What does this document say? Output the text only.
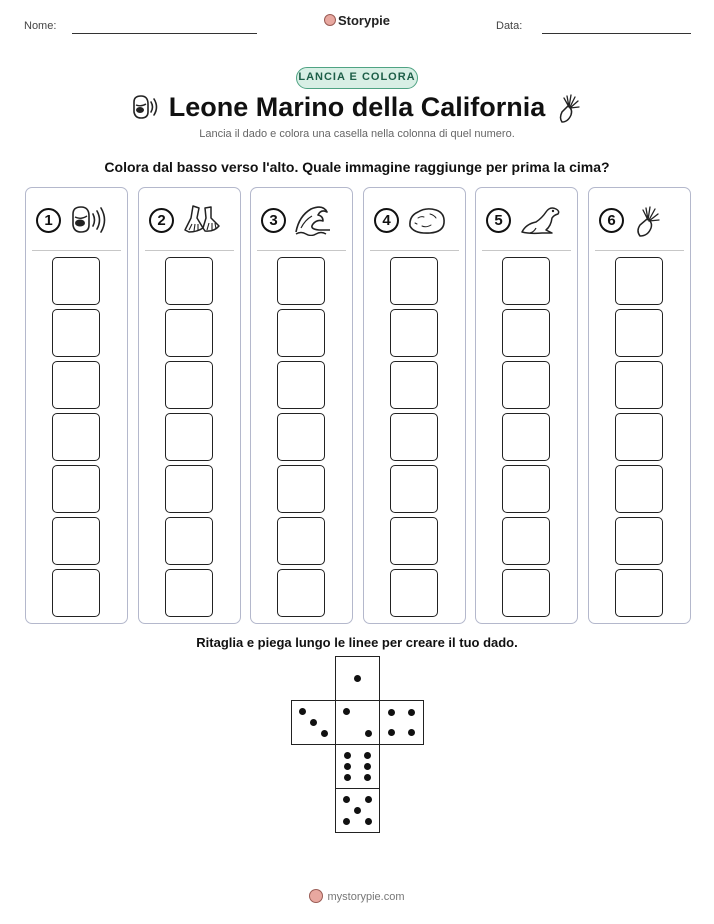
Nome:	Storypie	Data:
LANCIA E COLORA
Leone Marino della California
Lancia il dado e colora una casella nella colonna di quel numero.
Colora dal basso verso l'alto. Quale immagine raggiunge per prima la cima?
1	2	3	4	5	6
Ritaglia e piega lungo le linee per creare il tuo dado.
mystorypie.com
